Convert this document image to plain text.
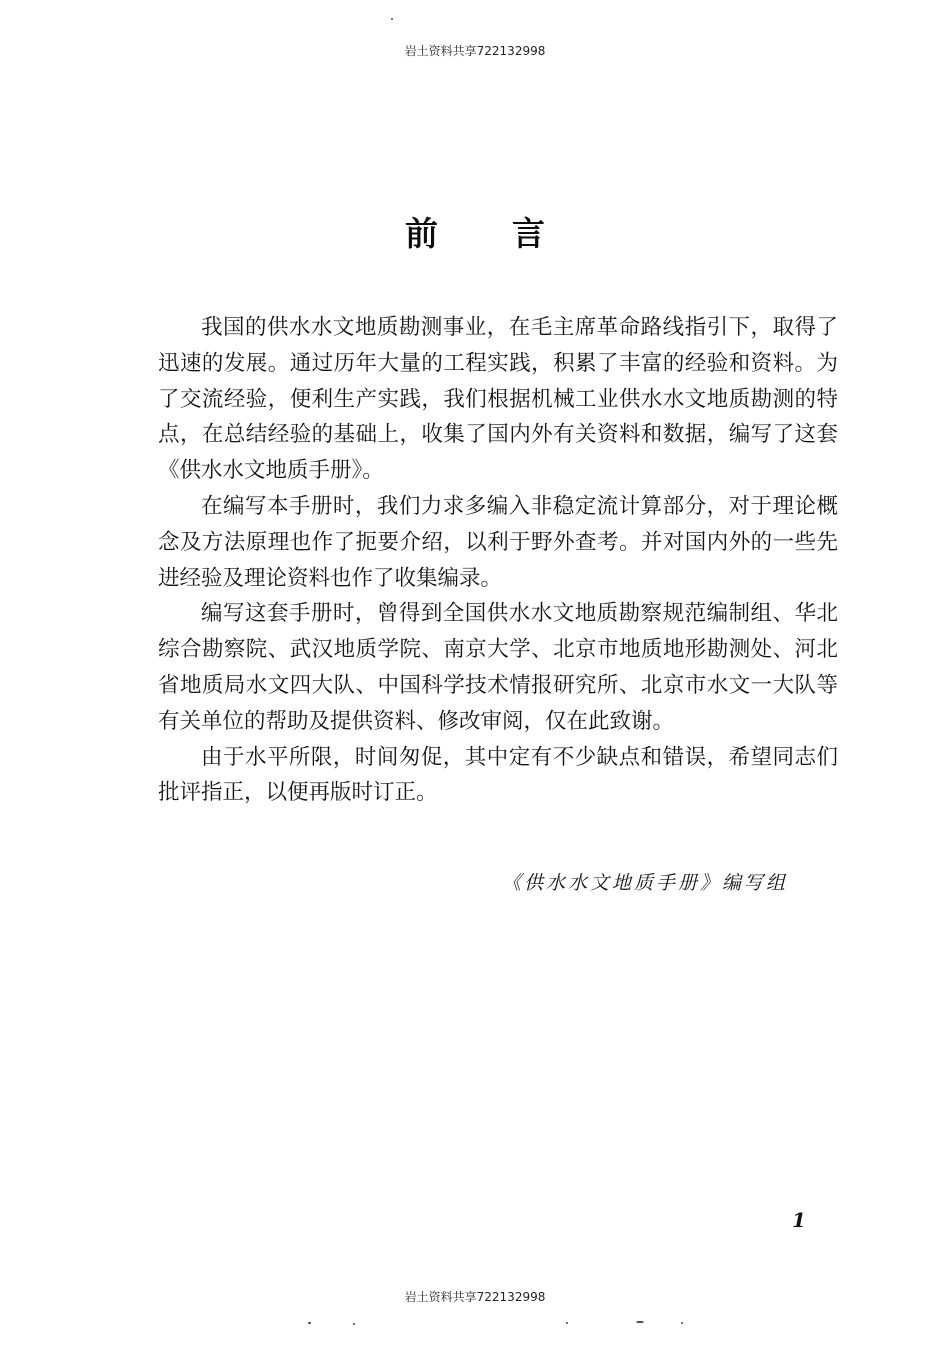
岩土资料共享722132998
前言

我国的供水水文地质勘测事业，在毛主席革命路线指引下，取得了迅速的发展。通过历年大量的工程实践，积累了丰富的经验和资料。为了交流经验，便利生产实践，我们根据机械工业供水水文地质勘测的特点，在总结经验的基础上，收集了国内外有关资料和数据，编写了这套《供水水文地质手册》。

在编写本手册时，我们力求多编入非稳定流计算部分，对于理论概念及方法原理也作了扼要介绍，以利于野外查考。并对国内外的一些先进经验及理论资料也作了收集编录。

编写这套手册时，曾得到全国供水水文地质勘察规范编制组、华北综合勘察院、武汉地质学院、南京大学、北京市地质地形勘测处、河北省地质局水文四大队、中国科学技术情报研究所、北京市水文一大队等有关单位的帮助及提供资料、修改审阅，仅在此致谢。

由于水平所限，时间匆促，其中定有不少缺点和错误，希望同志们批评指正，以便再版时订正。

《供水水文地质手册》编写组
1
岩土资料共享722132998
